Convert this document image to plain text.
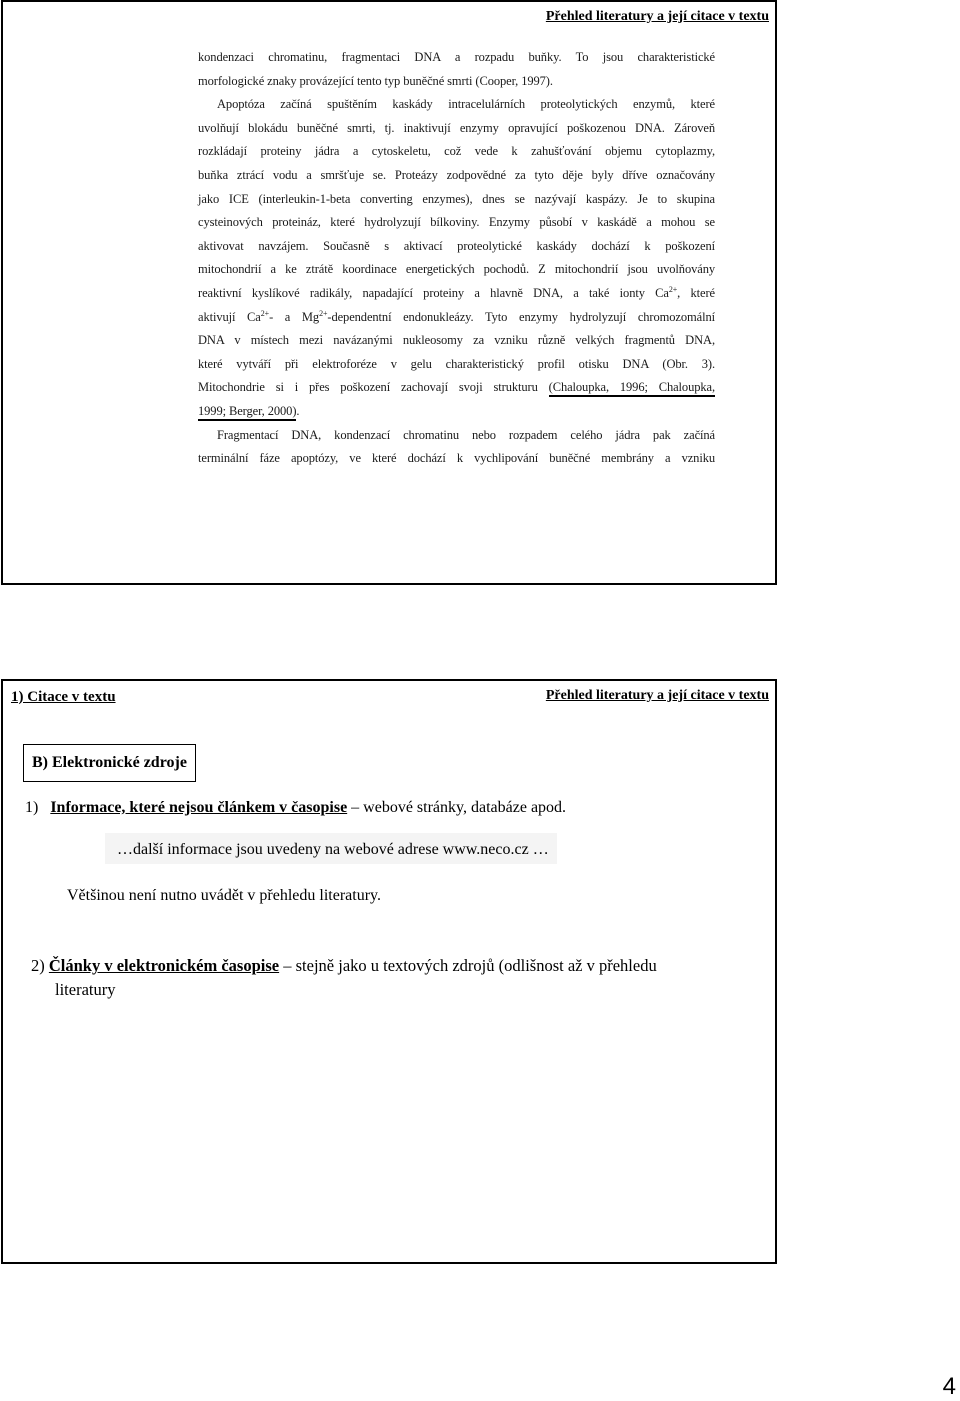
Přehled literatury a její citace v textu

kondenzaci chromatinu, fragmentaci DNA a rozpadu buňky. To jsou charakteristické

morfologické znaky provázející tento typ buněčné smrti (Cooper, 1997).

Apoptóza začíná spuštěním kaskády intracelulárních proteolytických enzymů, které

uvolňují blokádu buněčné smrti, tj. inaktivují enzymy opravující poškozenou DNA. Zároveň

rozkládají proteiny jádra a cytoskeletu, což vede k zahušťování objemu cytoplazmy,

buňka ztrácí vodu a smršťuje se. Proteázy zodpovědné za tyto děje byly dříve označovány

jako ICE (interleukin-1-beta converting enzymes), dnes se nazývají kaspázy. Je to skupina

cysteinových proteináz, které hydrolyzují bílkoviny. Enzymy působí v kaskádě a mohou se

aktivovat navzájem. Současně s aktivací proteolytické kaskády dochází k poškození

mitochondrií a ke ztrátě koordinace energetických pochodů. Z mitochondrií jsou uvolňovány

reaktivní kyslíkové radikály, napadající proteiny a hlavně DNA, a také ionty $Ca^{2+}$, které

aktivují $Ca^{2+}-$ a $Mg^{2+}$-dependentní endonukleázy. Tyto enzymy hydrolyzují chromozomální

DNA v místech mezi navázanými nukleosomy za vzniku různě velkých fragmentů DNA,

které vytváří při elektroforéze v gelu charakteristický profil otisku DNA (Obr. 3).

Mitochondrie si i přes poškození zachovají svoji strukturu (Chaloupka, 1996; Chaloupka,

1999; Berger, 2000).

Fragmentací DNA, kondenzací chromatinu nebo rozpadem celého jádra pak začíná

terminální fáze apoptózy, ve které dochází k vychlipování buněčné membrány a vzniku

1) Citace v textu	Přehled literatury a její citace v textu
B) Elektronické zdroje
1) Informace, které nejsou článkem v časopise – webové stránky, databáze apod.
…další informace jsou uvedeny na webové adrese www.neco.cz …
Většinou není nutno uvádět v přehledu literatury.
2) Články v elektronickém časopise – stejně jako u textových zdrojů (odlišnost až v přehledu
literatury
4
